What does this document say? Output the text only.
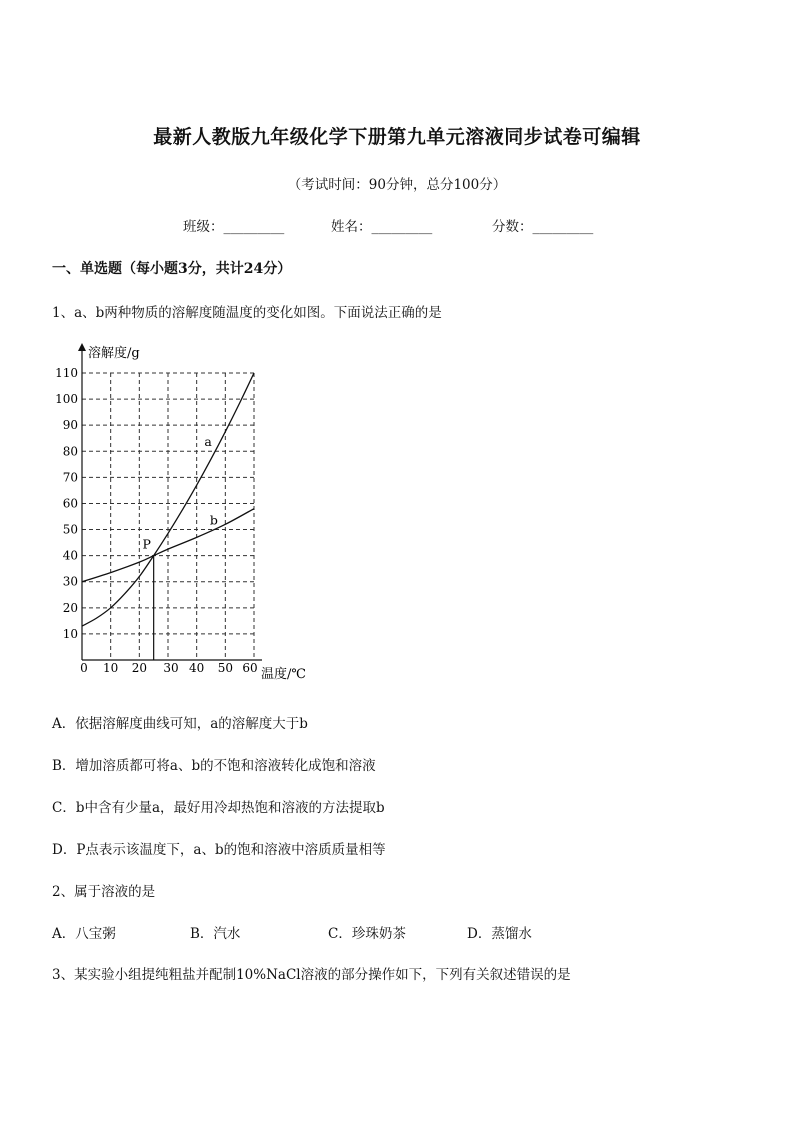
最新人教版九年级化学下册第九单元溶液同步试卷可编辑
（考试时间：90分钟，总分100分）
班级：_________	姓名：_________	分数：_________
一、单选题（每小题3分，共计24分）
1、a、b两种物质的溶解度随温度的变化如图。下面说法正确的是
10
20
30
40
50
60
70
80
90
100
110
0 10 20 30 40 50 60
P
a
b
溶解度/g
温度/℃
A．依据溶解度曲线可知，a的溶解度大于b
B．增加溶质都可将a、b的不饱和溶液转化成饱和溶液
C．b中含有少量a，最好用冷却热饱和溶液的方法提取b
D．P点表示该温度下，a、b的饱和溶液中溶质质量相等
2、属于溶液的是
A．八宝粥	B．汽水	C．珍珠奶茶	D．蒸馏水
3、某实验小组提纯粗盐并配制10%NaCl溶液的部分操作如下，下列有关叙述错误的是
